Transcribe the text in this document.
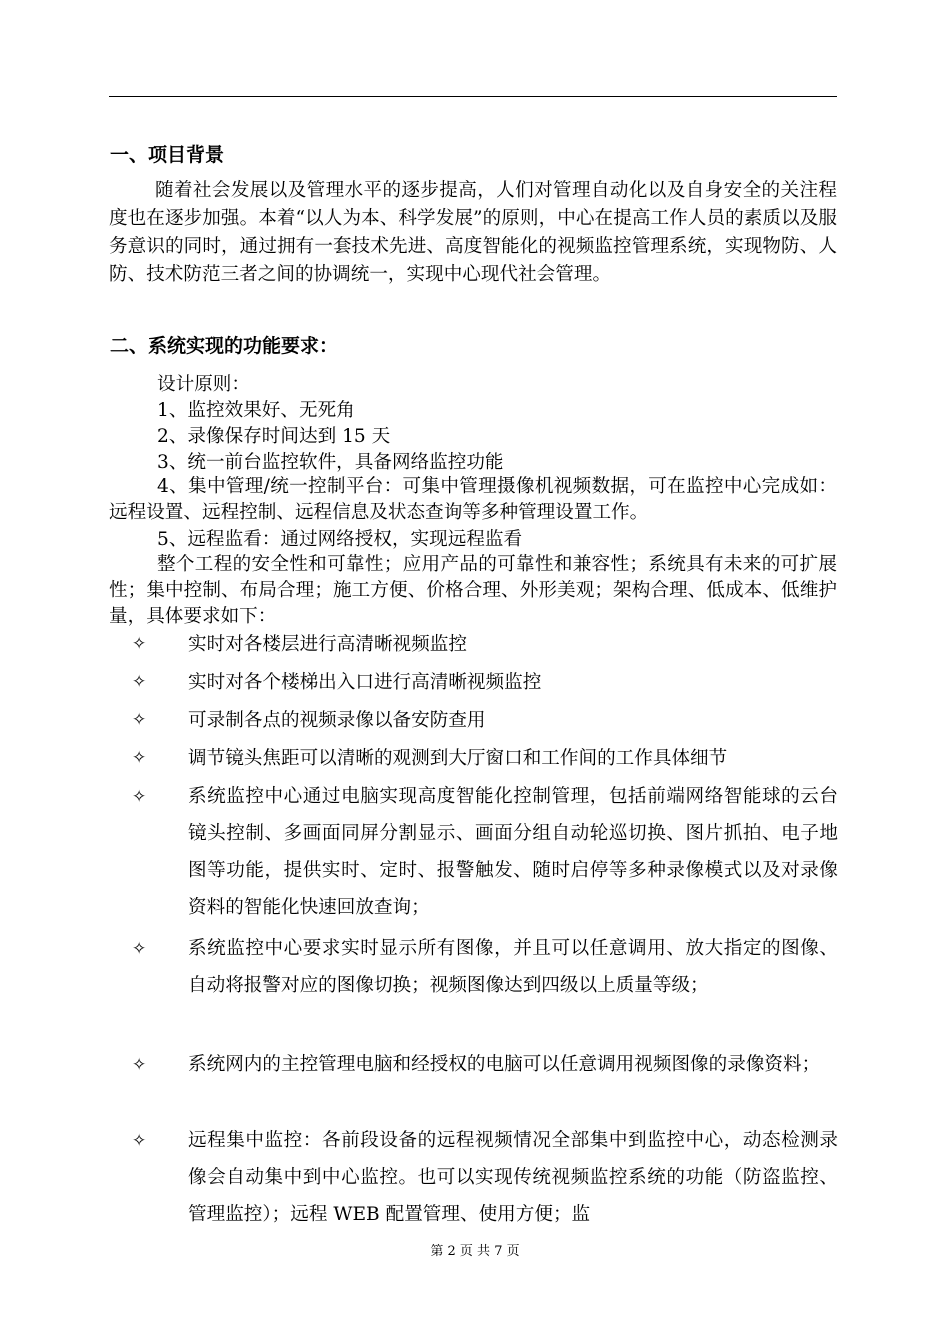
一、项目背景
随着社会发展以及管理水平的逐步提高，人们对管理自动化以及自身安全的关注程度也在逐步加强。本着“以人为本、科学发展”的原则，中心在提高工作人员的素质以及服务意识的同时，通过拥有一套技术先进、高度智能化的视频监控管理系统，实现物防、人防、技术防范三者之间的协调统一，实现中心现代社会管理。
二、系统实现的功能要求：
设计原则：
1、监控效果好、无死角
2、录像保存时间达到 15 天
3、统一前台监控软件，具备网络监控功能
4、集中管理/统一控制平台：可集中管理摄像机视频数据，可在监控中心完成如：远程设置、远程控制、远程信息及状态查询等多种管理设置工作。
5、远程监看：通过网络授权，实现远程监看
整个工程的安全性和可靠性；应用产品的可靠性和兼容性；系统具有未来的可扩展性；集中控制、布局合理；施工方便、价格合理、外形美观；架构合理、低成本、低维护量，具体要求如下：
✧ 实时对各楼层进行高清晰视频监控
✧ 实时对各个楼梯出入口进行高清晰视频监控
✧ 可录制各点的视频录像以备安防查用
✧ 调节镜头焦距可以清晰的观测到大厅窗口和工作间的工作具体细节
✧ 系统监控中心通过电脑实现高度智能化控制管理，包括前端网络智能球的云台镜头控制、多画面同屏分割显示、画面分组自动轮巡切换、图片抓拍、电子地图等功能，提供实时、定时、报警触发、随时启停等多种录像模式以及对录像资料的智能化快速回放查询；
✧ 系统监控中心要求实时显示所有图像，并且可以任意调用、放大指定的图像、自动将报警对应的图像切换；视频图像达到四级以上质量等级；
✧ 系统网内的主控管理电脑和经授权的电脑可以任意调用视频图像的录像资料；
✧ 远程集中监控：各前段设备的远程视频情况全部集中到监控中心，动态检测录像会自动集中到中心监控。也可以实现传统视频监控系统的功能（防盗监控、管理监控）；远程 WEB 配置管理、使用方便；监
第 2 页 共 7 页
